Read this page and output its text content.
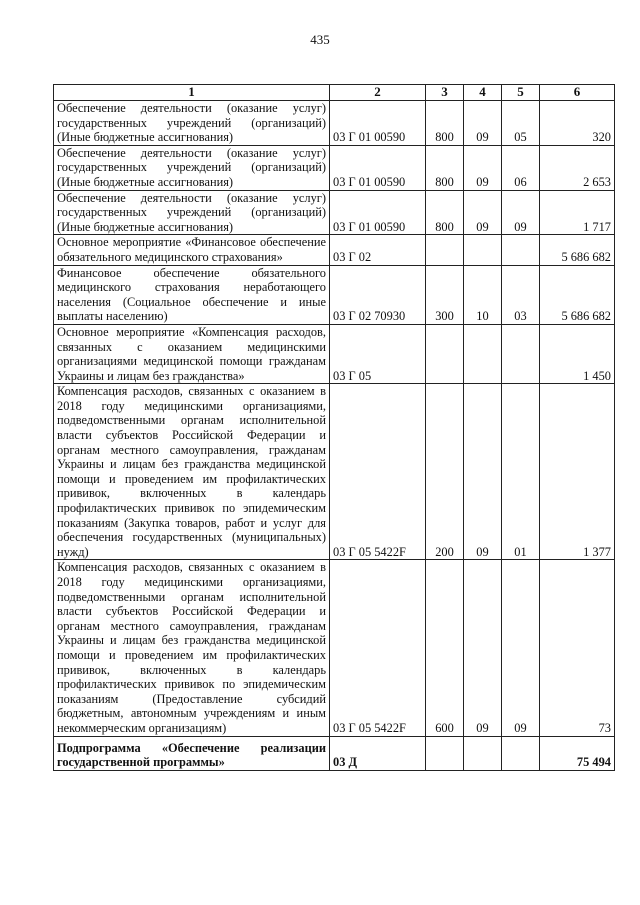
435
1	2	3	4	5	6
Обеспечение деятельности (оказание услуг) государственных учреждений (организаций) (Иные бюджетные ассигнования)	03 Г 01 00590	800	09	05	320
Обеспечение деятельности (оказание услуг) государственных учреждений (организаций) (Иные бюджетные ассигнования)	03 Г 01 00590	800	09	06	2 653
Обеспечение деятельности (оказание услуг) государственных учреждений (организаций) (Иные бюджетные ассигнования)	03 Г 01 00590	800	09	09	1 717
Основное мероприятие «Финансовое обеспечение обязательного медицинского страхования»	03 Г 02				5 686 682
Финансовое обеспечение обязательного медицинского страхования неработающего населения (Социальное обеспечение и иные выплаты населению)	03 Г 02 70930	300	10	03	5 686 682
Основное мероприятие «Компенсация расходов, связанных с оказанием медицинскими организациями медицинской помощи гражданам Украины и лицам без гражданства»	03 Г 05				1 450
Компенсация расходов, связанных с оказанием в 2018 году медицинскими организациями, подведомственными органам исполнительной власти субъектов Российской Федерации и органам местного самоуправления, гражданам Украины и лицам без гражданства медицинской помощи и проведением им профилактических прививок, включенных в календарь профилактических прививок по эпидемическим показаниям (Закупка товаров, работ и услуг для обеспечения государственных (муниципальных) нужд)	03 Г 05 5422F	200	09	01	1 377
Компенсация расходов, связанных с оказанием в 2018 году медицинскими организациями, подведомственными органам исполнительной власти субъектов Российской Федерации и органам местного самоуправления, гражданам Украины и лицам без гражданства медицинской помощи и проведением им профилактических прививок, включенных в календарь профилактических прививок по эпидемическим показаниям (Предоставление субсидий бюджетным, автономным учреждениям и иным некоммерческим организациям)	03 Г 05 5422F	600	09	09	73
Подпрограмма «Обеспечение реализации государственной программы»	03 Д				75 494
